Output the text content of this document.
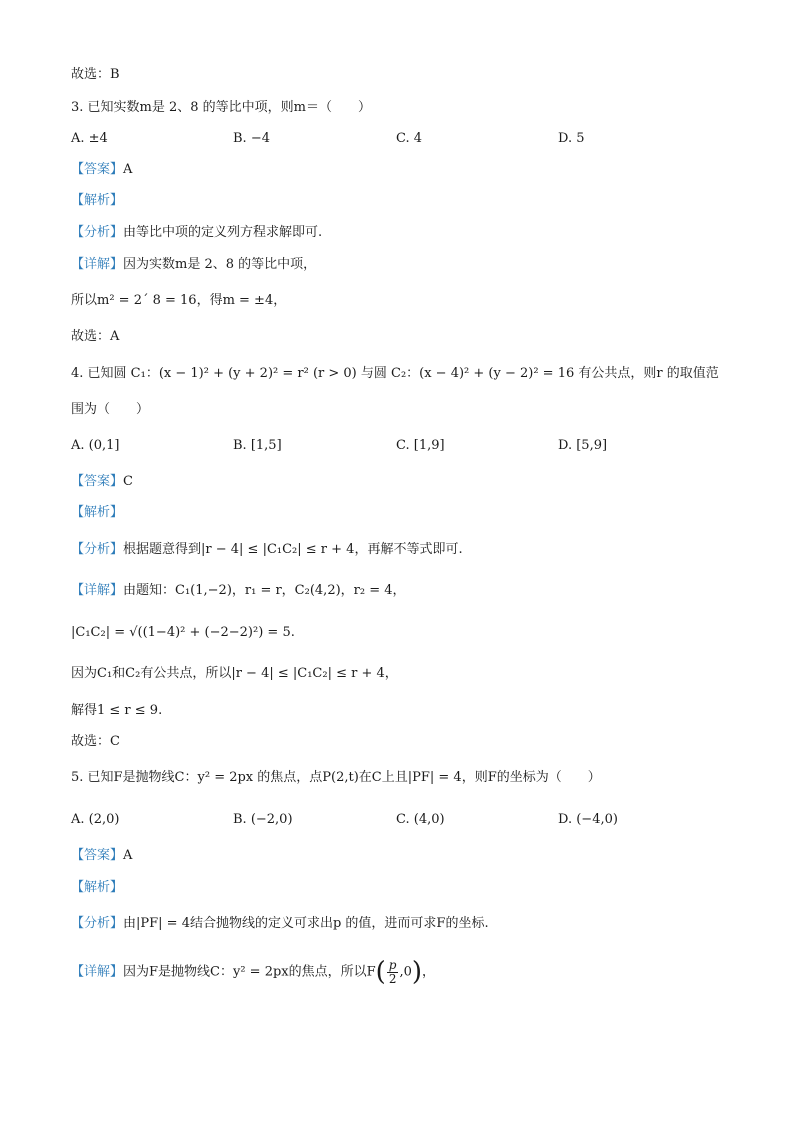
故选：B
3. 已知实数m是 2、8 的等比中项，则m＝（　　）
A. ±4	B. −4	C. 4	D. 5
【答案】A
【解析】
【分析】由等比中项的定义列方程求解即可.
【详解】因为实数m是 2、8 的等比中项，
所以m² = 2´ 8 = 16，得m = ±4，
故选：A
4. 已知圆 C₁：(x − 1)² + (y + 2)² = r² (r > 0) 与圆 C₂：(x − 4)² + (y − 2)² = 16 有公共点，则r 的取值范
围为（　　）
A. (0,1]	B. [1,5]	C. [1,9]	D. [5,9]
【答案】C
【解析】
【分析】根据题意得到|r − 4| ≤ |C₁C₂| ≤ r + 4，再解不等式即可.
【详解】由题知：C₁(1,−2)，r₁ = r，C₂(4,2)，r₂ = 4，
|C₁C₂| = √((1−4)² + (−2−2)²) = 5.
因为C₁和C₂有公共点，所以|r − 4| ≤ |C₁C₂| ≤ r + 4，
解得1 ≤ r ≤ 9.
故选：C
5. 已知F是抛物线C：y² = 2px 的焦点，点P(2,t)在C上且|PF| = 4，则F的坐标为（　　）
A. (2,0)	B. (−2,0)	C. (4,0)	D. (−4,0)
【答案】A
【解析】
【分析】由|PF| = 4结合抛物线的定义可求出p 的值，进而可求F的坐标.
【详解】因为F是抛物线C：y² = 2px的焦点，所以$F( \frac{p}{2} ,0)$，
